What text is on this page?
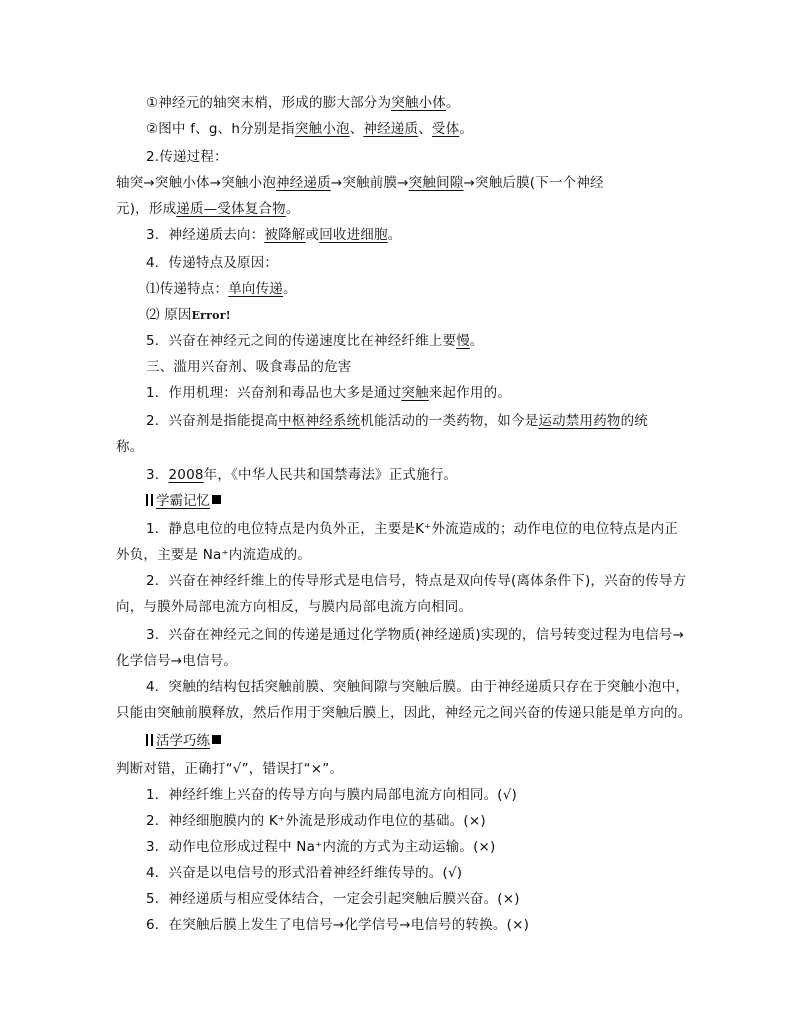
①神经元的轴突末梢，形成的膨大部分为突触小体。
②图中 f、g、h分别是指突触小泡、神经递质、受体。
2.传递过程：
轴突→突触小体→突触小泡神经递质→突触前膜→突触间隙→突触后膜(下一个神经
元)，形成递质—受体复合物。
3．神经递质去向：被降解或回收进细胞。
4．传递特点及原因：
⑴传递特点：单向传递。
⑵ 原因Error!
5．兴奋在神经元之间的传递速度比在神经纤维上要慢。
三、滥用兴奋剂、吸食毒品的危害
1．作用机理：兴奋剂和毒品也大多是通过突触来起作用的。
2．兴奋剂是指能提高中枢神经系统机能活动的一类药物，如今是运动禁用药物的统
称。
3．2008年，《中华人民共和国禁毒法》正式施行。
学霸记忆
1．静息电位的电位特点是内负外正，主要是K⁺外流造成的；动作电位的电位特点是内正
外负，主要是 Na⁺内流造成的。
2．兴奋在神经纤维上的传导形式是电信号，特点是双向传导(离体条件下)，兴奋的传导方
向，与膜外局部电流方向相反，与膜内局部电流方向相同。
3．兴奋在神经元之间的传递是通过化学物质(神经递质)实现的，信号转变过程为电信号→
化学信号→电信号。
4．突触的结构包括突触前膜、突触间隙与突触后膜。由于神经递质只存在于突触小泡中，
只能由突触前膜释放，然后作用于突触后膜上，因此，神经元之间兴奋的传递只能是单方向的。
活学巧练
判断对错，正确打“√”，错误打“×”。
1．神经纤维上兴奋的传导方向与膜内局部电流方向相同。(√)
2．神经细胞膜内的 K⁺外流是形成动作电位的基础。(×)
3．动作电位形成过程中 Na⁺内流的方式为主动运输。(×)
4．兴奋是以电信号的形式沿着神经纤维传导的。(√)
5．神经递质与相应受体结合，一定会引起突触后膜兴奋。(×)
6．在突触后膜上发生了电信号→化学信号→电信号的转换。(×)
